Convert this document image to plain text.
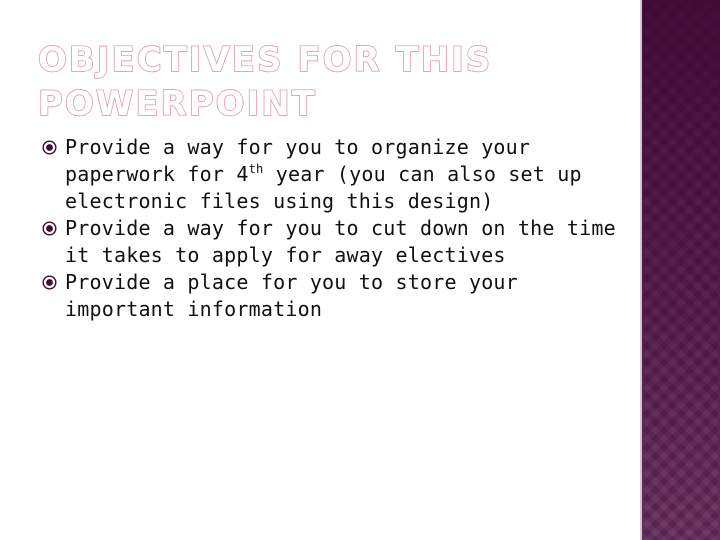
OBJECTIVES FOR THIS POWERPOINT
Provide a way for you to organize your paperwork for 4th year (you can also set up electronic files using this design)
Provide a way for you to cut down on the time it takes to apply for away electives
Provide a place for you to store your important information
